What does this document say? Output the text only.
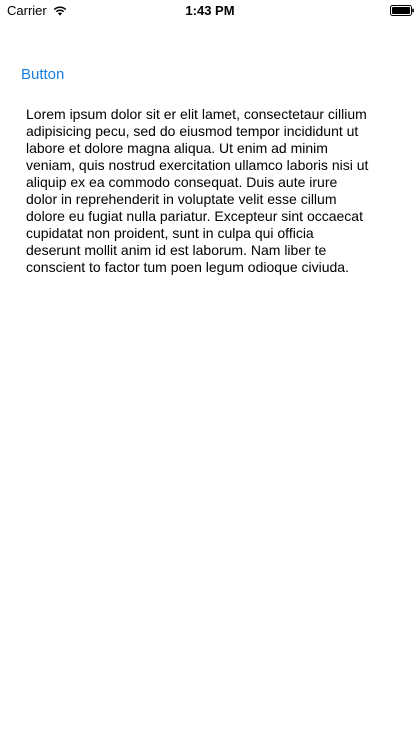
Carrier	1:43 PM
Button

Lorem ipsum dolor sit er elit lamet, consectetaur cillium adipisicing pecu, sed do eiusmod tempor incididunt ut labore et dolore magna aliqua. Ut enim ad minim veniam, quis nostrud exercitation ullamco laboris nisi ut aliquip ex ea commodo consequat. Duis aute irure dolor in reprehenderit in voluptate velit esse cillum dolore eu fugiat nulla pariatur. Excepteur sint occaecat cupidatat non proident, sunt in culpa qui officia deserunt mollit anim id est laborum. Nam liber te conscient to factor tum poen legum odioque civiuda.
